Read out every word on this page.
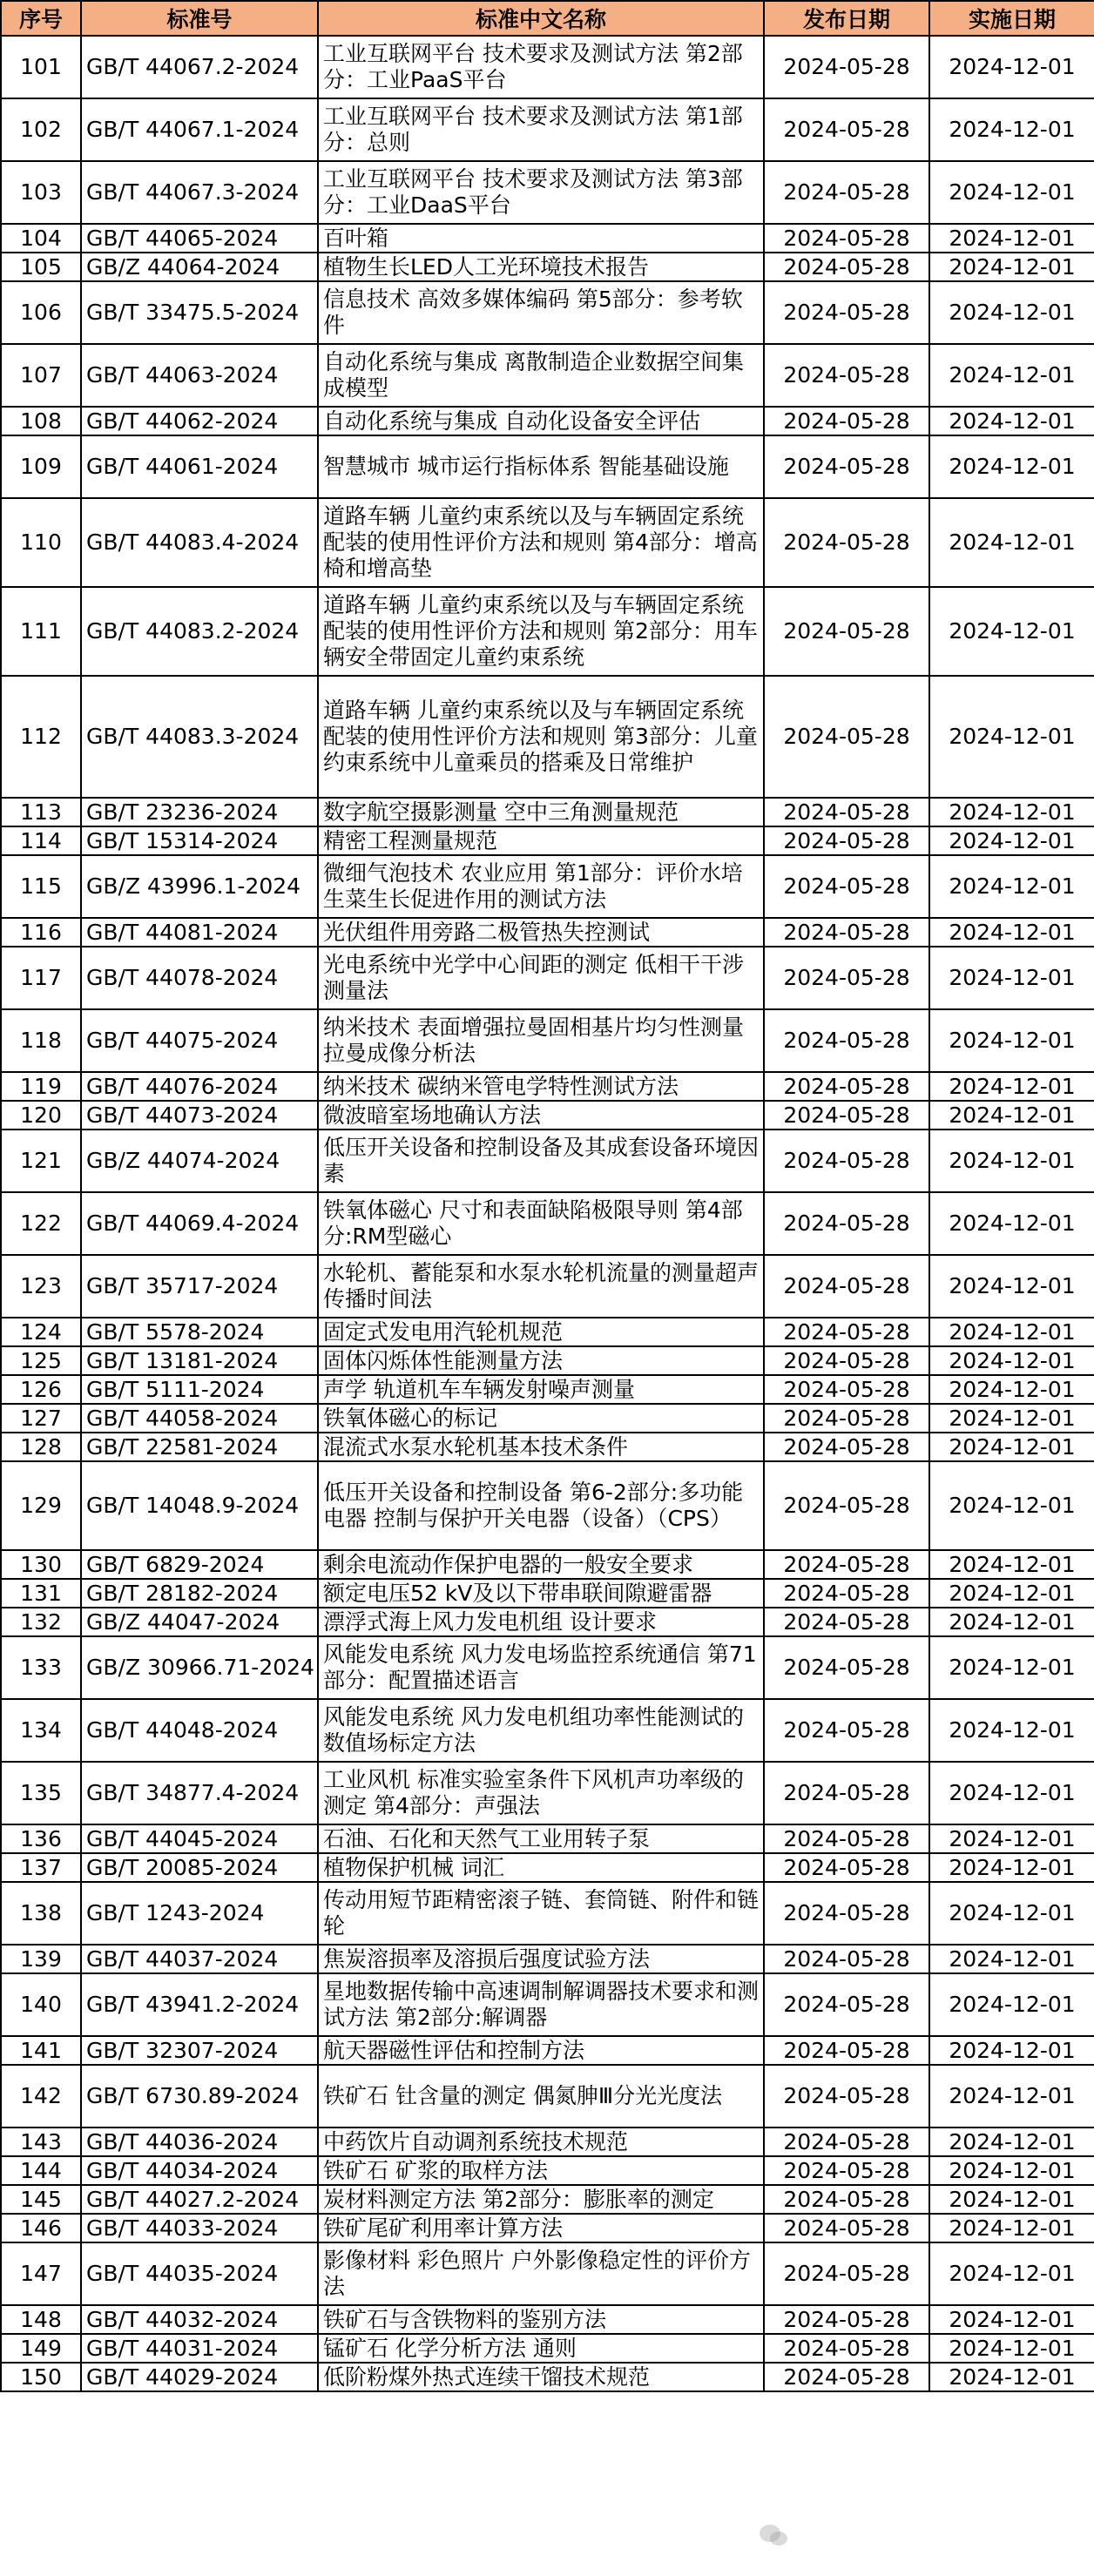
序号	标准号	标准中文名称	发布日期	实施日期
101	GB/T 44067.2-2024	工业互联网平台 技术要求及测试方法 第2部分：工业PaaS平台	2024-05-28	2024-12-01
102	GB/T 44067.1-2024	工业互联网平台 技术要求及测试方法 第1部分：总则	2024-05-28	2024-12-01
103	GB/T 44067.3-2024	工业互联网平台 技术要求及测试方法 第3部分：工业DaaS平台	2024-05-28	2024-12-01
104	GB/T 44065-2024	百叶箱	2024-05-28	2024-12-01
105	GB/Z 44064-2024	植物生长LED人工光环境技术报告	2024-05-28	2024-12-01
106	GB/T 33475.5-2024	信息技术 高效多媒体编码 第5部分：参考软件	2024-05-28	2024-12-01
107	GB/T 44063-2024	自动化系统与集成 离散制造企业数据空间集成模型	2024-05-28	2024-12-01
108	GB/T 44062-2024	自动化系统与集成 自动化设备安全评估	2024-05-28	2024-12-01
109	GB/T 44061-2024	智慧城市 城市运行指标体系 智能基础设施	2024-05-28	2024-12-01
110	GB/T 44083.4-2024	道路车辆 儿童约束系统以及与车辆固定系统配装的使用性评价方法和规则 第4部分：增高椅和增高垫	2024-05-28	2024-12-01
111	GB/T 44083.2-2024	道路车辆 儿童约束系统以及与车辆固定系统配装的使用性评价方法和规则 第2部分：用车辆安全带固定儿童约束系统	2024-05-28	2024-12-01
112	GB/T 44083.3-2024	道路车辆 儿童约束系统以及与车辆固定系统配装的使用性评价方法和规则 第3部分：儿童约束系统中儿童乘员的搭乘及日常维护	2024-05-28	2024-12-01
113	GB/T 23236-2024	数字航空摄影测量 空中三角测量规范	2024-05-28	2024-12-01
114	GB/T 15314-2024	精密工程测量规范	2024-05-28	2024-12-01
115	GB/Z 43996.1-2024	微细气泡技术 农业应用 第1部分：评价水培生菜生长促进作用的测试方法	2024-05-28	2024-12-01
116	GB/T 44081-2024	光伏组件用旁路二极管热失控测试	2024-05-28	2024-12-01
117	GB/T 44078-2024	光电系统中光学中心间距的测定 低相干干涉测量法	2024-05-28	2024-12-01
118	GB/T 44075-2024	纳米技术 表面增强拉曼固相基片均匀性测量 拉曼成像分析法	2024-05-28	2024-12-01
119	GB/T 44076-2024	纳米技术 碳纳米管电学特性测试方法	2024-05-28	2024-12-01
120	GB/T 44073-2024	微波暗室场地确认方法	2024-05-28	2024-12-01
121	GB/Z 44074-2024	低压开关设备和控制设备及其成套设备环境因素	2024-05-28	2024-12-01
122	GB/T 44069.4-2024	铁氧体磁心 尺寸和表面缺陷极限导则 第4部分:RM型磁心	2024-05-28	2024-12-01
123	GB/T 35717-2024	水轮机、蓄能泵和水泵水轮机流量的测量超声传播时间法	2024-05-28	2024-12-01
124	GB/T 5578-2024	固定式发电用汽轮机规范	2024-05-28	2024-12-01
125	GB/T 13181-2024	固体闪烁体性能测量方法	2024-05-28	2024-12-01
126	GB/T 5111-2024	声学 轨道机车车辆发射噪声测量	2024-05-28	2024-12-01
127	GB/T 44058-2024	铁氧体磁心的标记	2024-05-28	2024-12-01
128	GB/T 22581-2024	混流式水泵水轮机基本技术条件	2024-05-28	2024-12-01
129	GB/T 14048.9-2024	低压开关设备和控制设备 第6-2部分:多功能电器 控制与保护开关电器（设备）（CPS）	2024-05-28	2024-12-01
130	GB/T 6829-2024	剩余电流动作保护电器的一般安全要求	2024-05-28	2024-12-01
131	GB/T 28182-2024	额定电压52 kV及以下带串联间隙避雷器	2024-05-28	2024-12-01
132	GB/Z 44047-2024	漂浮式海上风力发电机组 设计要求	2024-05-28	2024-12-01
133	GB/Z 30966.71-2024	风能发电系统 风力发电场监控系统通信 第71部分：配置描述语言	2024-05-28	2024-12-01
134	GB/T 44048-2024	风能发电系统 风力发电机组功率性能测试的数值场标定方法	2024-05-28	2024-12-01
135	GB/T 34877.4-2024	工业风机 标准实验室条件下风机声功率级的测定 第4部分：声强法	2024-05-28	2024-12-01
136	GB/T 44045-2024	石油、石化和天然气工业用转子泵	2024-05-28	2024-12-01
137	GB/T 20085-2024	植物保护机械 词汇	2024-05-28	2024-12-01
138	GB/T 1243-2024	传动用短节距精密滚子链、套筒链、附件和链轮	2024-05-28	2024-12-01
139	GB/T 44037-2024	焦炭溶损率及溶损后强度试验方法	2024-05-28	2024-12-01
140	GB/T 43941.2-2024	星地数据传输中高速调制解调器技术要求和测试方法 第2部分:解调器	2024-05-28	2024-12-01
141	GB/T 32307-2024	航天器磁性评估和控制方法	2024-05-28	2024-12-01
142	GB/T 6730.89-2024	铁矿石 钍含量的测定 偶氮胂Ⅲ分光光度法	2024-05-28	2024-12-01
143	GB/T 44036-2024	中药饮片自动调剂系统技术规范	2024-05-28	2024-12-01
144	GB/T 44034-2024	铁矿石 矿浆的取样方法	2024-05-28	2024-12-01
145	GB/T 44027.2-2024	炭材料测定方法 第2部分：膨胀率的测定	2024-05-28	2024-12-01
146	GB/T 44033-2024	铁矿尾矿利用率计算方法	2024-05-28	2024-12-01
147	GB/T 44035-2024	影像材料 彩色照片 户外影像稳定性的评价方法	2024-05-28	2024-12-01
148	GB/T 44032-2024	铁矿石与含铁物料的鉴别方法	2024-05-28	2024-12-01
149	GB/T 44031-2024	锰矿石 化学分析方法 通则	2024-05-28	2024-12-01
150	GB/T 44029-2024	低阶粉煤外热式连续干馏技术规范	2024-05-28	2024-12-01
